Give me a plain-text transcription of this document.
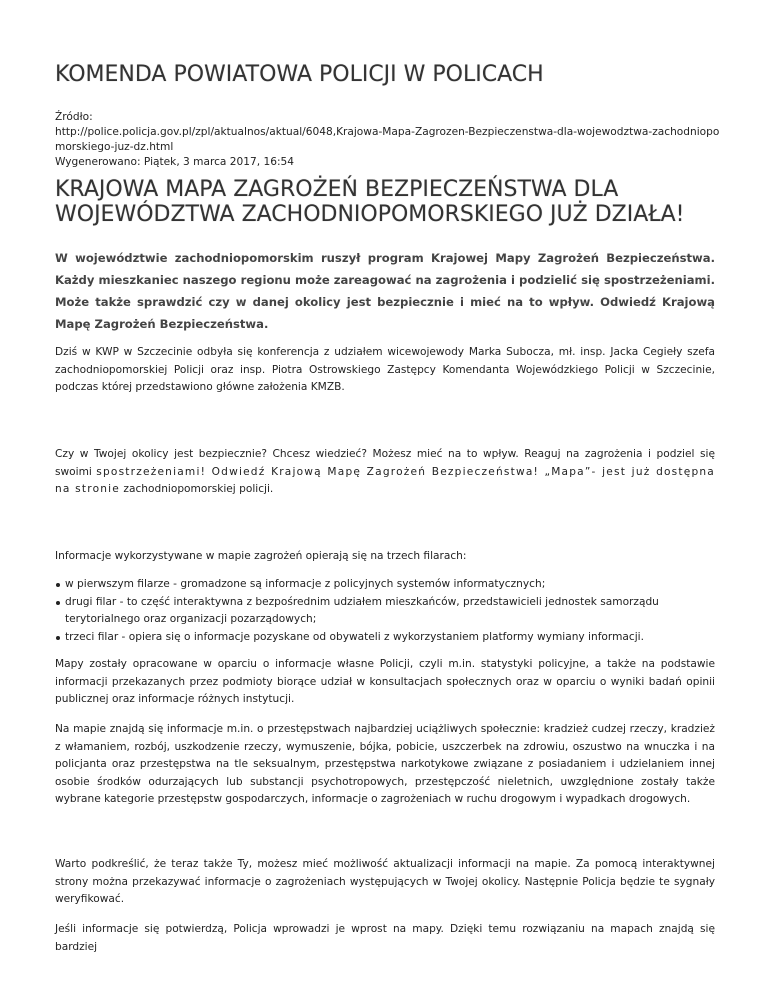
KOMENDA POWIATOWA POLICJI W POLICACH
Źródło:
http://police.policja.gov.pl/zpl/aktualnos/aktual/6048,Krajowa-Mapa-Zagrozen-Bezpieczenstwa-dla-wojewodztwa-zachodniopo
morskiego-juz-dz.html
Wygenerowano: Piątek, 3 marca 2017, 16:54
KRAJOWA MAPA ZAGROŻEŃ BEZPIECZEŃSTWA DLA WOJEWÓDZTWA ZACHODNIOPOMORSKIEGO JUŻ DZIAŁA!

W województwie zachodniopomorskim ruszył program Krajowej Mapy Zagrożeń Bezpieczeństwa. Każdy mieszkaniec naszego regionu może zareagować na zagrożenia i podzielić się spostrzeżeniami. Może także sprawdzić czy w danej okolicy jest bezpiecznie i mieć na to wpływ. Odwiedź Krajową Mapę Zagrożeń Bezpieczeństwa.

Dziś w KWP w Szczecinie odbyła się konferencja z udziałem wicewojewody Marka Subocza, mł. insp. Jacka Cegieły szefa zachodniopomorskiej Policji oraz insp. Piotra Ostrowskiego Zastępcy Komendanta Wojewódzkiego Policji w Szczecinie, podczas której przedstawiono główne założenia KMZB.

Czy w Twojej okolicy jest bezpiecznie? Chcesz wiedzieć? Możesz mieć na to wpływ. Reaguj na zagrożenia i podziel się swoimi spostrzeżeniami! Odwiedź Krajową Mapę Zagrożeń Bezpieczeństwa! „Mapa”- jest już dostępna na stronie zachodniopomorskiej policji.

Informacje wykorzystywane w mapie zagrożeń opierają się na trzech filarach:

w pierwszym filarze - gromadzone są informacje z policyjnych systemów informatycznych;
drugi filar - to część interaktywna z bezpośrednim udziałem mieszkańców, przedstawicieli jednostek samorządu terytorialnego oraz organizacji pozarządowych;
trzeci filar - opiera się o informacje pozyskane od obywateli z wykorzystaniem platformy wymiany informacji.

Mapy zostały opracowane w oparciu o informacje własne Policji, czyli m.in. statystyki policyjne, a także na podstawie informacji przekazanych przez podmioty biorące udział w konsultacjach społecznych oraz w oparciu o wyniki badań opinii publicznej oraz informacje różnych instytucji.

Na mapie znajdą się informacje m.in. o przestępstwach najbardziej uciążliwych społecznie: kradzież cudzej rzeczy, kradzież z włamaniem, rozbój, uszkodzenie rzeczy, wymuszenie, bójka, pobicie, uszczerbek na zdrowiu, oszustwo na wnuczka i na policjanta oraz przestępstwa na tle seksualnym, przestępstwa narkotykowe związane z posiadaniem i udzielaniem innej osobie środków odurzających lub substancji psychotropowych, przestępczość nieletnich, uwzględnione zostały także wybrane kategorie przestępstw gospodarczych, informacje o zagrożeniach w ruchu drogowym i wypadkach drogowych.

Warto podkreślić, że teraz także Ty, możesz mieć możliwość aktualizacji informacji na mapie. Za pomocą interaktywnej strony można przekazywać informacje o zagrożeniach występujących w Twojej okolicy. Następnie Policja będzie te sygnały weryfikować.

Jeśli informacje się potwierdzą, Policja wprowadzi je wprost na mapy. Dzięki temu rozwiązaniu na mapach znajdą się bardziej
